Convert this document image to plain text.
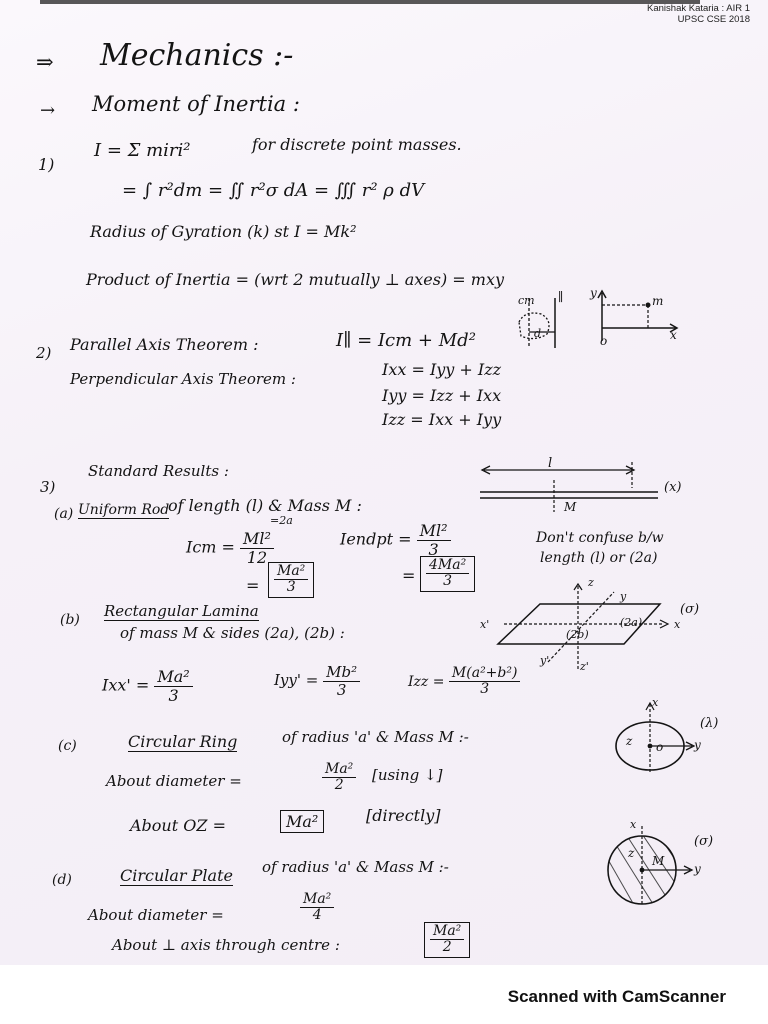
Kanishak Kataria : AIR 1
UPSC CSE 2018
⇒ Mechanics :-
→ Moment of Inertia :
1)
I = Σ miri²	for discrete point masses.
= ∫ r²dm = ∬ r²σ dA = ∭ r² ρ dV
Radius of Gyration (k) st I = Mk²
Product of Inertia = (wrt 2 mutually ⊥ axes) = mxy
y
x
o
m
2) Parallel Axis Theorem :	I∥ = Icm + Md²
cm ∥
d
Perpendicular Axis Theorem :	Ixx = Iyy + Izz
Iyy = Izz + Ixx
Izz = Ixx + Iyy
3)
Standard Results :
(a) Uniform Rod
of length (l) & Mass M :
=2a
l
M
(x)
Icm = $\frac{\text{Ml²}}{12}$	Iendpt = $\frac{\text{Ml²}}{3}$
= $\frac{\text{Ma²}}{3}$	= $\frac{\text{4Ma²}}{3}$
Don't confuse b/w
length (l) or (2a)
(b) Rectangular Lamina
of mass M & sides (2a), (2b) :
z
y
x
x'
y'	z'
(2a)
(2b)
(σ)
$Ixx' = \frac{\text{Ma²}}{3}$	$Iyy' = \frac{\text{Mb²}}{3}$	Izz = $\frac{\text{M(a²+b²)}}{3}$
(c)	Circular Ring	of radius 'a' & Mass M :-	z o	y
x
(λ)
About diameter =	$\frac{\text{Ma²}}{2} [using$ ↓]
About OZ =	Ma²	[directly]
(d)	Circular Plate of radius 'a' & Mass M :-
z
M
y
x
(σ)
About diameter =	$\frac{\text{Ma²}}{4}$
About ⊥ axis through centre :	$\frac{\text{Ma²}}{2}$
Scanned with CamScanner
